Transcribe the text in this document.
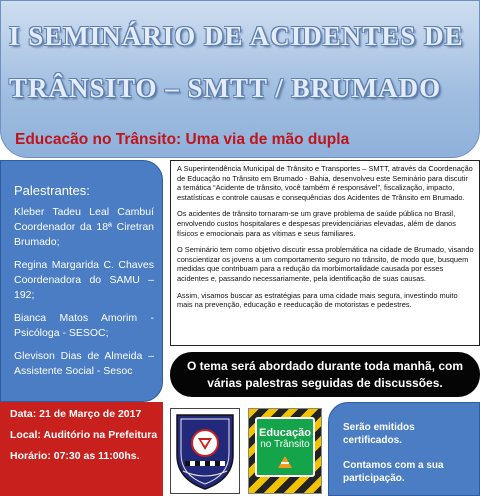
I SEMINÁRIO DE ACIDENTES DE
TRÂNSITO – SMTT / BRUMADO
Educacão no Trânsito: Uma via de mão dupla
Palestrantes:
Kleber Tadeu Leal Cambuí Coordenador da 18ª Ciretran Brumado;
Regina Margarida C. Chaves Coordenadora do SAMU – 192;
Bianca Matos Amorim - Psicóloga - SESOC;
Glevison Dias de Almeida – Assistente Social - Sesoc

A Superintendência Municipal de Trânsito e Transportes – SMTT, através da Coordenação de Educação no Trânsito em Brumado - Bahia, desenvolveu este Seminário para discutir a temática “Acidente de trânsito, você também é responsável”, fiscalização, impacto, estatísticas e controle causas e consequências dos Acidentes de Trânsito em Brumado.

Os acidentes de trânsito tornaram-se um grave problema de saúde pública no Brasil, envolvendo custos hospitalares e despesas previdenciárias elevadas, além de danos físicos e emocionais para as vítimas e seus familiares.

O Seminário tem como objetivo discutir essa problemática na cidade de Brumado, visando conscientizar os jovens a um comportamento seguro no trânsito, de modo que, busquem medidas que contribuam para a redução da morbimortalidade causada por esses acidentes e, passando necessariamente, pela identificação de suas causas.

Assim, visamos buscar as estratégias para uma cidade mais segura, investindo muito mais na prevenção, educação e reeducação de motoristas e pedestres.

O tema será abordado durante toda manhã, com
várias palestras seguidas de discussões.
Data: 21 de Março de 2017
Local: Auditório na Prefeitura
Horário: 07:30 as 11:00hs.
Educação
no Trânsito

Serão emitidos certificados.

Contamos com a sua participação.
